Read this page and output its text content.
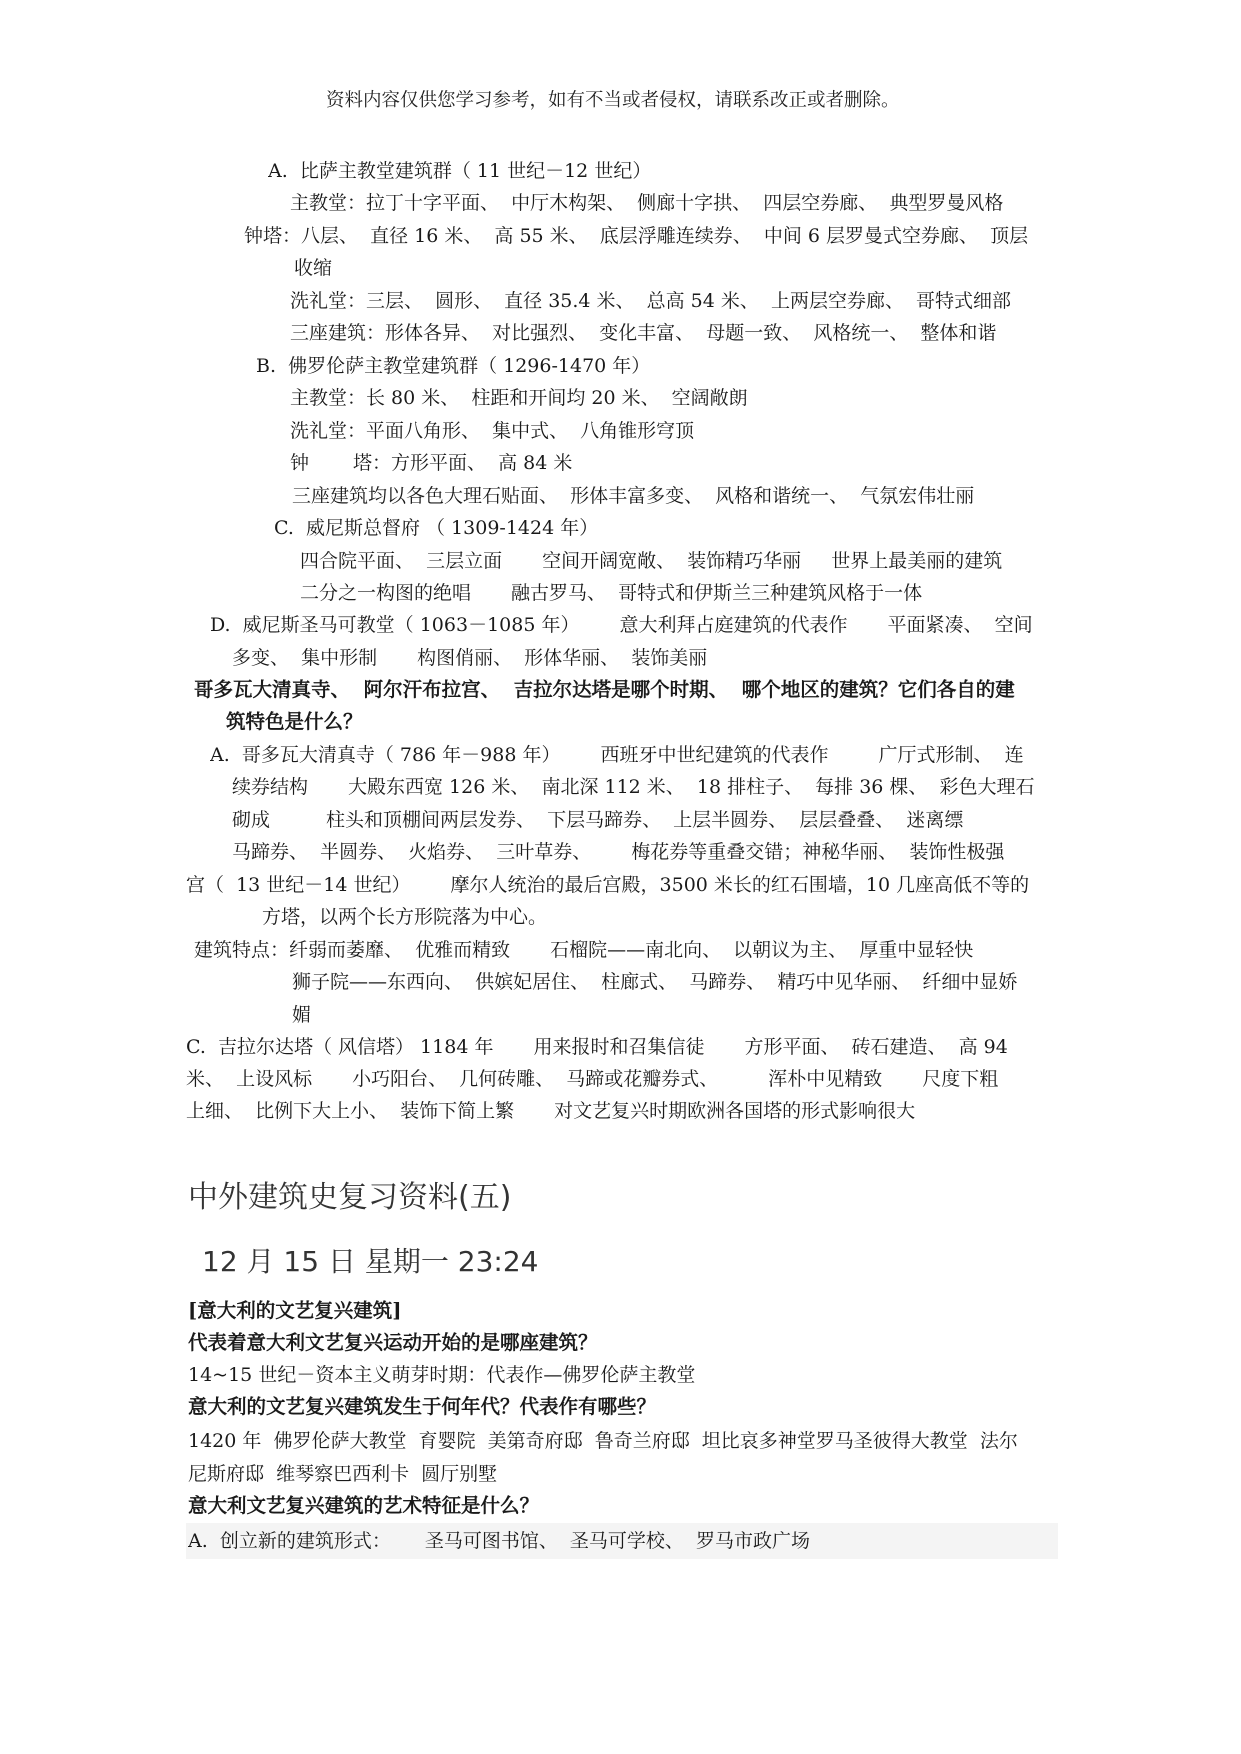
资料内容仅供您学习参考，如有不当或者侵权，请联系改正或者删除。
A.  比萨主教堂建筑群（ 11 世纪－12 世纪）
主教堂：拉丁十字平面、  中厅木构架、  侧廊十字拱、  四层空券廊、  典型罗曼风格
钟塔：八层、  直径 16 米、  高 55 米、  底层浮雕连续券、  中间 6 层罗曼式空券廊、  顶层
收缩
洗礼堂：三层、  圆形、  直径 35.4 米、  总高 54 米、  上两层空券廊、  哥特式细部
三座建筑：形体各异、  对比强烈、  变化丰富、  母题一致、  风格统一、  整体和谐
B.  佛罗伦萨主教堂建筑群（ 1296-1470 年）
主教堂：长 80 米、  柱距和开间均 20 米、  空阔敞朗
洗礼堂：平面八角形、  集中式、  八角锥形穹顶
钟 塔：方形平面、  高 84 米
三座建筑均以各色大理石贴面、  形体丰富多变、  风格和谐统一、  气氛宏伟壮丽
C.  威尼斯总督府 （ 1309-1424 年）
四合院平面、  三层立面 空间开阔宽敞、  装饰精巧华丽 世界上最美丽的建筑
二分之一构图的绝唱 融古罗马、  哥特式和伊斯兰三种建筑风格于一体
D.  威尼斯圣马可教堂（ 1063－1085 年） 意大利拜占庭建筑的代表作 平面紧凑、  空间
多变、  集中形制 构图俏丽、  形体华丽、  装饰美丽
哥多瓦大清真寺、  阿尔汗布拉宫、  吉拉尔达塔是哪个时期、  哪个地区的建筑？它们各自的建
筑特色是什么？
A.  哥多瓦大清真寺（ 786 年－988 年） 西班牙中世纪建筑的代表作	广厅式形制、  连
续券结构 大殿东西宽 126 米、  南北深 112 米、  18 排柱子、  每排 36 棵、  彩色大理石
砌成	柱头和顶棚间两层发券、  下层马蹄券、  上层半圆券、  层层叠叠、  迷离缥
马蹄券、  半圆券、  火焰券、  三叶草券、 梅花券等重叠交错；神秘华丽、  装饰性极强
宫（  13 世纪－14 世纪） 摩尔人统治的最后宫殿，3500 米长的红石围墙，10 几座高低不等的
方塔，以两个长方形院落为中心。
建筑特点：纤弱而萎靡、  优雅而精致 石榴院——南北向、  以朝议为主、  厚重中显轻快
狮子院——东西向、  供嫔妃居住、  柱廊式、  马蹄券、  精巧中见华丽、  纤细中显娇
媚
C.  吉拉尔达塔（ 风信塔） 1184 年 用来报时和召集信徒 方形平面、  砖石建造、  高 94
米、  上设风标 小巧阳台、  几何砖雕、  马蹄或花瓣券式、	浑朴中见精致 尺度下粗
上细、  比例下大上小、  装饰下简上繁 对文艺复兴时期欧洲各国塔的形式影响很大
中外建筑史复习资料(五)
12 月 15 日 星期一 23:24
[意大利的文艺复兴建筑]
代表着意大利文艺复兴运动开始的是哪座建筑？
14~15 世纪－资本主义萌芽时期：代表作—佛罗伦萨主教堂
意大利的文艺复兴建筑发生于何年代？代表作有哪些？
1420 年  佛罗伦萨大教堂  育婴院  美第奇府邸  鲁奇兰府邸  坦比哀多神堂罗马圣彼得大教堂  法尔
尼斯府邸  维琴察巴西利卡  圆厅别墅
意大利文艺复兴建筑的艺术特征是什么？
A.  创立新的建筑形式： 圣马可图书馆、  圣马可学校、  罗马市政广场
